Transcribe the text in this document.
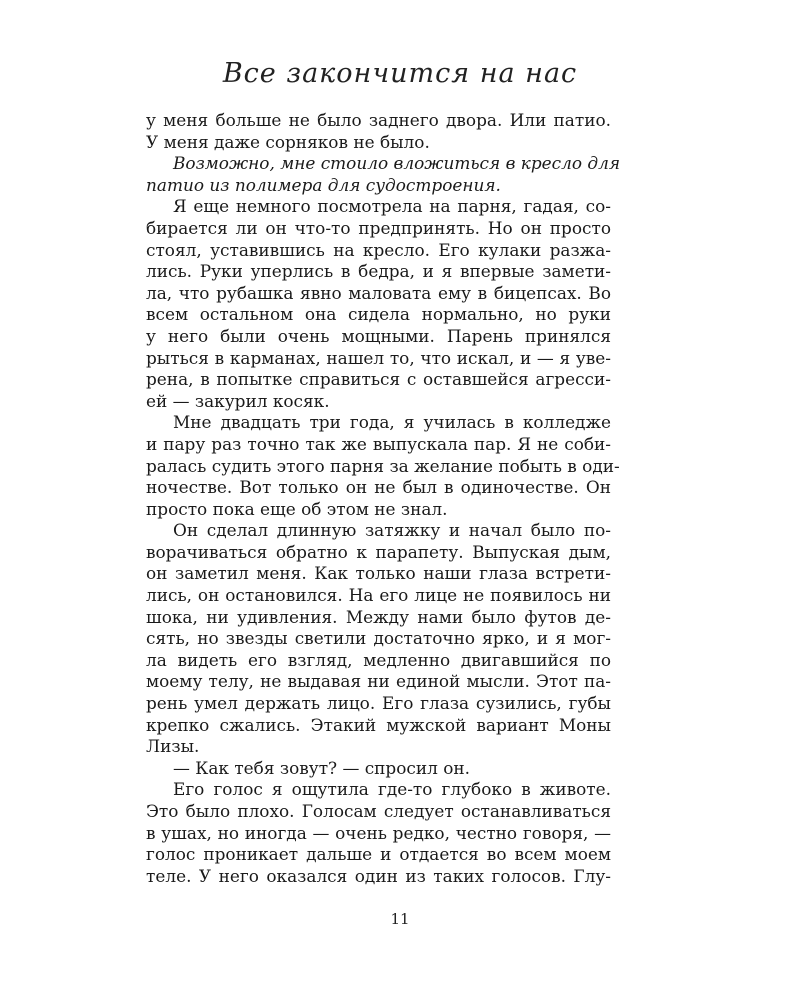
Все закончится на нас
у меня больше не было заднего двора. Или патио.
У меня даже сорняков не было.
Возможно, мне стоило вложиться в кресло для
патио из полимера для судостроения.
Я еще немного посмотрела на парня, гадая, со-
бирается ли он что-то предпринять. Но он просто
стоял, уставившись на кресло. Его кулаки разжа-
лись. Руки уперлись в бедра, и я впервые замети-
ла, что рубашка явно маловата ему в бицепсах. Во
всем остальном она сидела нормально, но руки
у него были очень мощными. Парень принялся
рыться в карманах, нашел то, что искал, и — я уве-
рена, в попытке справиться с оставшейся агресси-
ей — закурил косяк.
Мне двадцать три года, я училась в колледже
и пару раз точно так же выпускала пар. Я не соби-
ралась судить этого парня за желание побыть в оди-
ночестве. Вот только он не был в одиночестве. Он
просто пока еще об этом не знал.
Он сделал длинную затяжку и начал было по-
ворачиваться обратно к парапету. Выпуская дым,
он заметил меня. Как только наши глаза встрети-
лись, он остановился. На его лице не появилось ни
шока, ни удивления. Между нами было футов де-
сять, но звезды светили достаточно ярко, и я мог-
ла видеть его взгляд, медленно двигавшийся по
моему телу, не выдавая ни единой мысли. Этот па-
рень умел держать лицо. Его глаза сузились, губы
крепко сжались. Этакий мужской вариант Моны
Лизы.
— Как тебя зовут? — спросил он.
Его голос я ощутила где-то глубоко в животе.
Это было плохо. Голосам следует останавливаться
в ушах, но иногда — очень редко, честно говоря, —
голос проникает дальше и отдается во всем моем
теле. У него оказался один из таких голосов. Глу-
11
